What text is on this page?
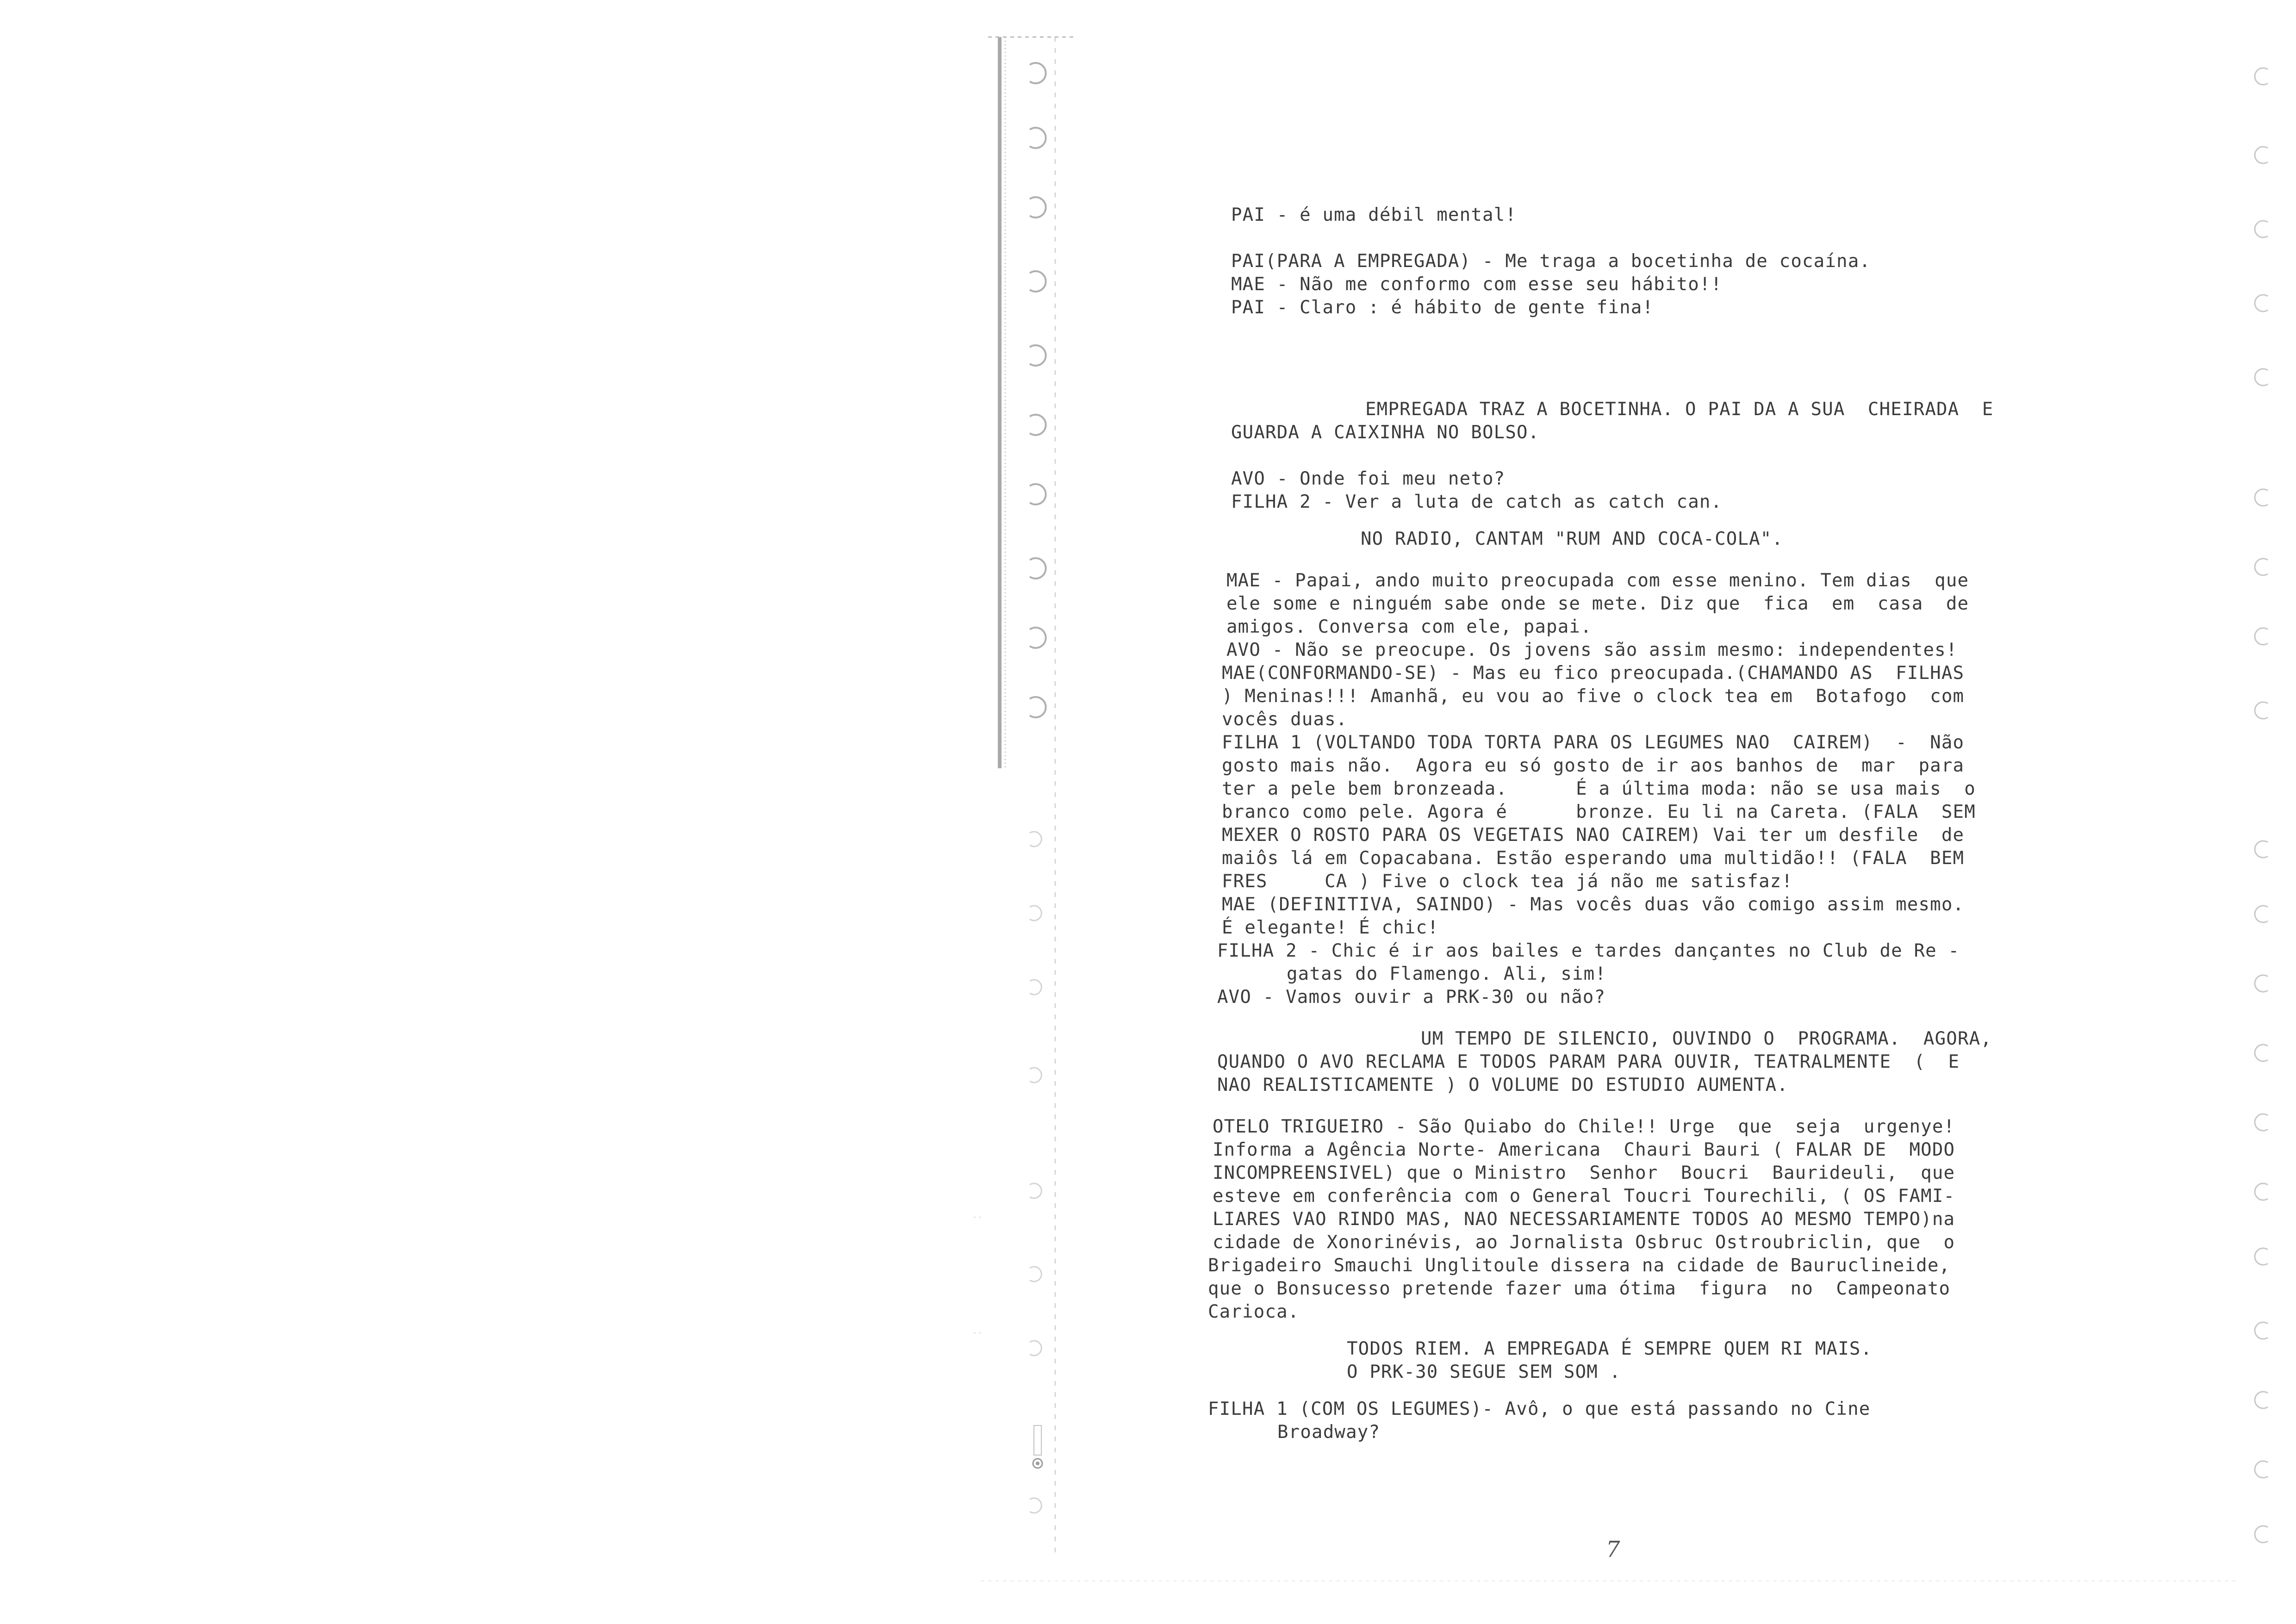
PAI - é uma débil mental!
PAI(PARA A EMPREGADA) - Me traga a bocetinha de cocaína.
MAE - Não me conformo com esse seu hábito!!
PAI - Claro : é hábito de gente fina!
EMPREGADA TRAZ A BOCETINHA. O PAI DA A SUA  CHEIRADA  E
GUARDA A CAIXINHA NO BOLSO.
AVO - Onde foi meu neto?
FILHA 2 - Ver a luta de catch as catch can.
NO RADIO, CANTAM "RUM AND COCA-COLA".
MAE - Papai, ando muito preocupada com esse menino. Tem dias  que
ele some e ninguém sabe onde se mete. Diz que  fica  em  casa  de
amigos. Conversa com ele, papai.
AVO - Não se preocupe. Os jovens são assim mesmo: independentes!
MAE(CONFORMANDO-SE) - Mas eu fico preocupada.(CHAMANDO AS  FILHAS
) Meninas!!! Amanhã, eu vou ao five o clock tea em  Botafogo  com
vocês duas.
FILHA 1 (VOLTANDO TODA TORTA PARA OS LEGUMES NAO  CAIREM)  -  Não
gosto mais não.  Agora eu só gosto de ir aos banhos de  mar  para
ter a pele bem bronzeada.      É a última moda: não se usa mais  o
branco como pele. Agora é      bronze. Eu li na Careta. (FALA  SEM
MEXER O ROSTO PARA OS VEGETAIS NAO CAIREM) Vai ter um desfile  de
maiôs lá em Copacabana. Estão esperando uma multidão!! (FALA  BEM
FRES     CA ) Five o clock tea já não me satisfaz!
MAE (DEFINITIVA, SAINDO) - Mas vocês duas vão comigo assim mesmo.
É elegante! É chic!
FILHA 2 - Chic é ir aos bailes e tardes dançantes no Club de Re -
gatas do Flamengo. Ali, sim!
AVO - Vamos ouvir a PRK-30 ou não?
UM TEMPO DE SILENCIO, OUVINDO O  PROGRAMA.  AGORA,
QUANDO O AVO RECLAMA E TODOS PARAM PARA OUVIR, TEATRALMENTE  (  E
NAO REALISTICAMENTE ) O VOLUME DO ESTUDIO AUMENTA.
OTELO TRIGUEIRO - São Quiabo do Chile!! Urge  que  seja  urgenye!
Informa a Agência Norte- Americana  Chauri Bauri ( FALAR DE  MODO
INCOMPREENSIVEL) que o Ministro  Senhor  Boucri  Baurideuli,  que
esteve em conferência com o General Toucri Tourechili, ( OS FAMI-
LIARES VAO RINDO MAS, NAO NECESSARIAMENTE TODOS AO MESMO TEMPO)na
cidade de Xonorinévis, ao Jornalista Osbruc Ostroubriclin, que  o
Brigadeiro Smauchi Unglitoule dissera na cidade de Bauruclineide,
que o Bonsucesso pretende fazer uma ótima  figura  no  Campeonato
Carioca.
TODOS RIEM. A EMPREGADA É SEMPRE QUEM RI MAIS.
O PRK-30 SEGUE SEM SOM .
FILHA 1 (COM OS LEGUMES)- Avô, o que está passando no Cine
Broadway?
7
